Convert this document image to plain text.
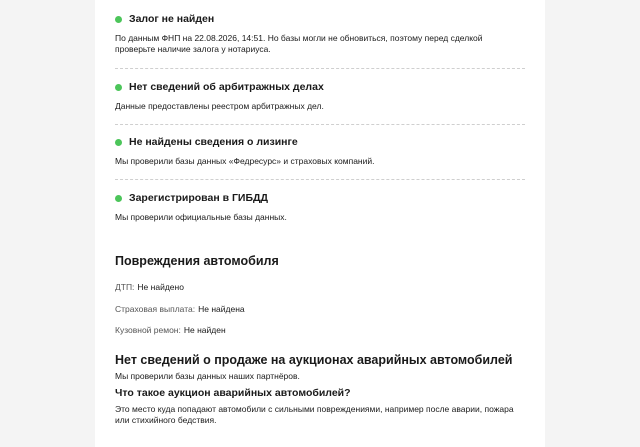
Залог не найден
По данным ФНП на 22.08.2026, 14:51. Но базы могли не обновиться, поэтому перед сделкой проверьте наличие залога у нотариуса.
Нет сведений об арбитражных делах
Данные предоставлены реестром арбитражных дел.
Не найдены сведения о лизинге
Мы проверили базы данных «Федресурс» и страховых компаний.
Зарегистрирован в ГИБДД
Мы проверили официальные базы данных.
Повреждения автомобиля
ДТП: Не найдено
Страховая выплата: Не найдена
Кузовной ремон: Не найден
Нет сведений о продаже на аукционах аварийных автомобилей
Мы проверили базы данных наших партнёров.
Что такое аукцион аварийных автомобилей?
Это место куда попадают автомобили с сильными повреждениями, например после аварии, пожара или стихийного бедствия.
